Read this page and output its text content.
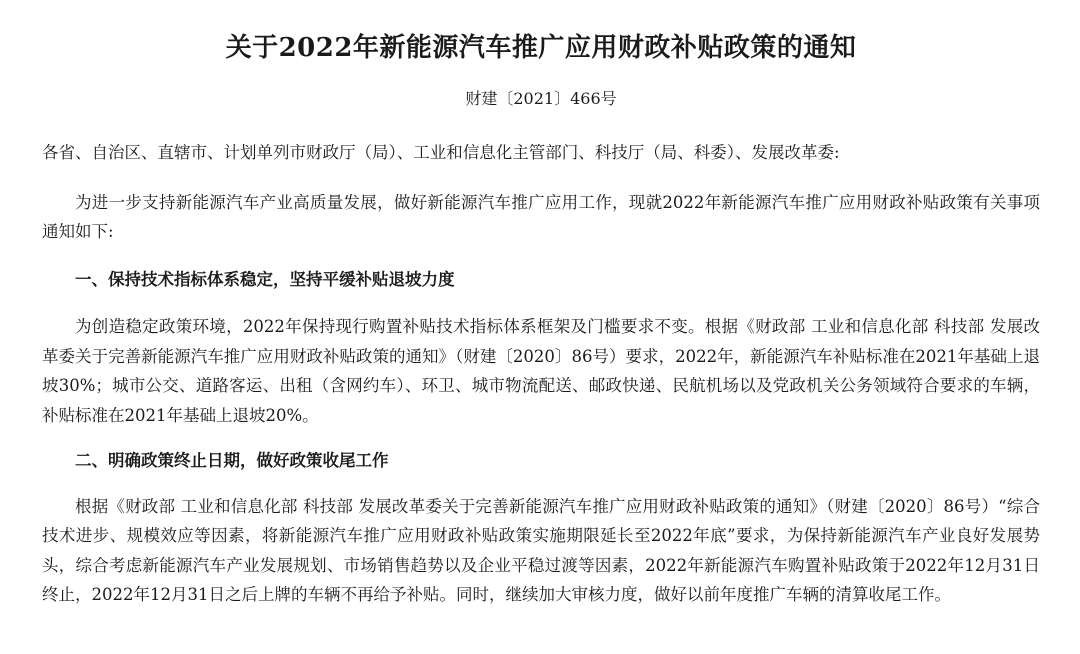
关于2022年新能源汽车推广应用财政补贴政策的通知
财建〔2021〕466号

各省、自治区、直辖市、计划单列市财政厅（局）、工业和信息化主管部门、科技厅（局、科委）、发展改革委:

为进一步支持新能源汽车产业高质量发展，做好新能源汽车推广应用工作，现就2022年新能源汽车推广应用财政补贴政策有关事项通知如下:

一、保持技术指标体系稳定，坚持平缓补贴退坡力度

为创造稳定政策环境，2022年保持现行购置补贴技术指标体系框架及门槛要求不变。根据《财政部 工业和信息化部 科技部 发展改革委关于完善新能源汽车推广应用财政补贴政策的通知》（财建〔2020〕86号）要求，2022年，新能源汽车补贴标准在2021年基础上退坡30%；城市公交、道路客运、出租（含网约车）、环卫、城市物流配送、邮政快递、民航机场以及党政机关公务领域符合要求的车辆，补贴标准在2021年基础上退坡20%。

二、明确政策终止日期，做好政策收尾工作

根据《财政部 工业和信息化部 科技部 发展改革委关于完善新能源汽车推广应用财政补贴政策的通知》（财建〔2020〕86号）“综合技术进步、规模效应等因素，将新能源汽车推广应用财政补贴政策实施期限延长至2022年底”要求，为保持新能源汽车产业良好发展势头，综合考虑新能源汽车产业发展规划、市场销售趋势以及企业平稳过渡等因素，2022年新能源汽车购置补贴政策于2022年12月31日终止，2022年12月31日之后上牌的车辆不再给予补贴。同时，继续加大审核力度，做好以前年度推广车辆的清算收尾工作。
